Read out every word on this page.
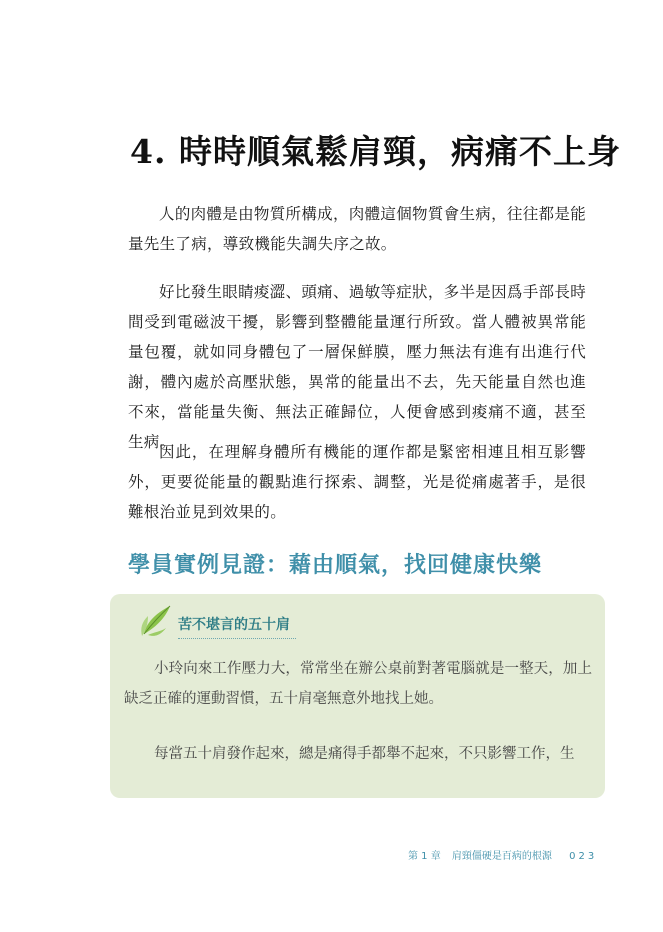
4. 時時順氣鬆肩頸，病痛不上身

人的肉體是由物質所構成，肉體這個物質會生病，往往都是能量先生了病，導致機能失調失序之故。

好比發生眼睛痠澀、頭痛、過敏等症狀，多半是因爲手部長時間受到電磁波干擾，影響到整體能量運行所致。當人體被異常能量包覆，就如同身體包了一層保鮮膜，壓力無法有進有出進行代謝，體內處於高壓狀態，異常的能量出不去，先天能量自然也進不來，當能量失衡、無法正確歸位，人便會感到痠痛不適，甚至生病。

因此，在理解身體所有機能的運作都是緊密相連且相互影響外，更要從能量的觀點進行探索、調整，光是從痛處著手，是很難根治並見到效果的。

學員實例見證：藉由順氣，找回健康快樂
苦不堪言的五十肩

小玲向來工作壓力大，常常坐在辦公桌前對著電腦就是一整天，加上缺乏正確的運動習慣，五十肩毫無意外地找上她。

每當五十肩發作起來，總是痛得手都舉不起來，不只影響工作，生

第 1 章 肩頸僵硬是百病的根源 023
